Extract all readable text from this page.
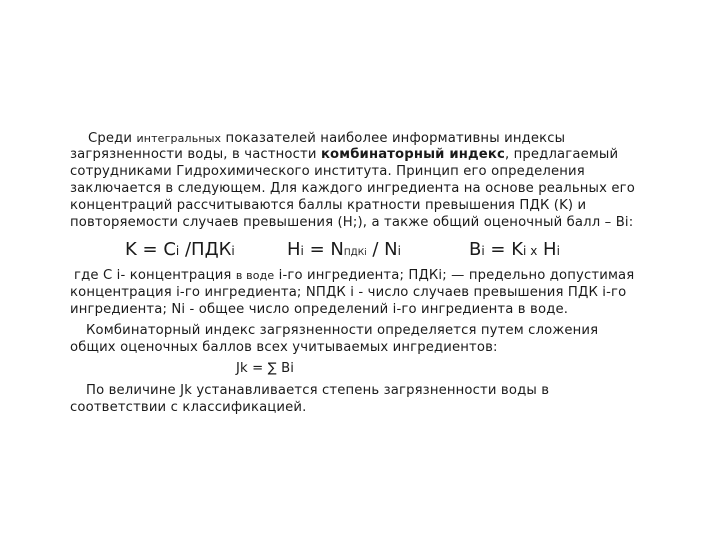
Среди интегральных показателей наиболее информативны индексы
загрязненности воды, в частности комбинаторный индекс, предлагаемый
сотрудниками Гидрохимического института. Принцип его определения
заключается в следующем. Для каждого ингредиента на основе реальных его
концентраций рассчитываются баллы кратности превышения ПДК (K) и
повторяемости случаев превышения (H;), а также общий оценочный балл – Bi:
K = Ci /ПДКi	Hi = NПДКi / Ni	Bi = Ki x Hi
где С i- концентрация в воде i-го ингредиента; ПДКi; — предельно допустимая
концентрация i-го ингредиента; NПДК i - число случаев превышения ПДК i-го
ингредиента; Ni - общее число определений i-го ингредиента в воде.
Комбинаторный индекс загрязненности определяется путем сложения
общих оценочных баллов всех учитываемых ингредиентов:
Jk = ∑ Bi
По величине Jk устанавливается степень загрязненности воды в
соответствии с классификацией.
